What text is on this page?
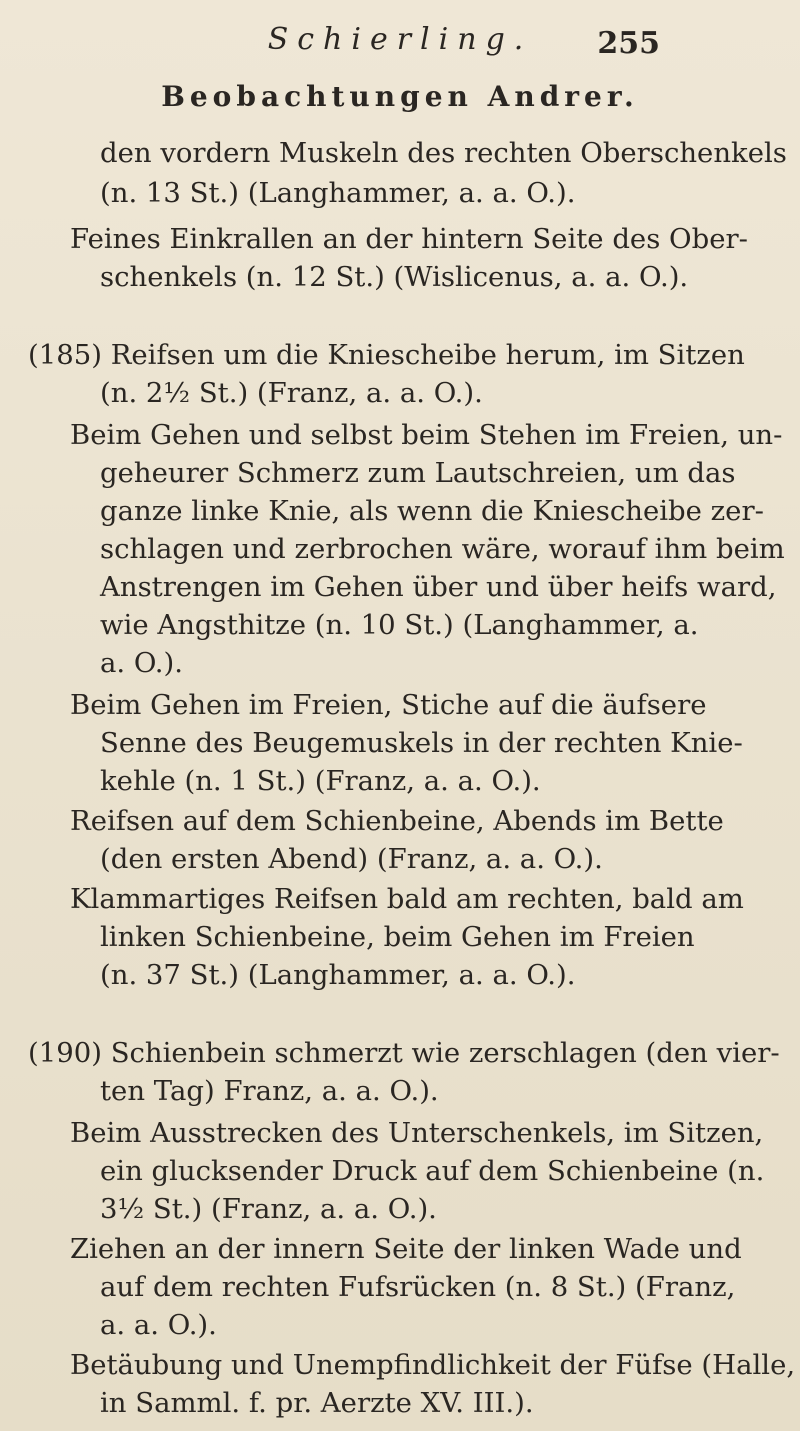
Schierling.	255
Beobachtungen Andrer.
den vordern Muskeln des rechten Oberschenkels
(n. 13 St.) (Langhammer, a. a. O.).
Feines Einkrallen an der hintern Seite des Ober-
schenkels (n. 12 St.) (Wislicenus, a. a. O.).
(185) Reifsen um die Kniescheibe herum, im Sitzen
(n. 2½ St.) (Franz, a. a. O.).
Beim Gehen und selbst beim Stehen im Freien, un-
geheurer Schmerz zum Lautschreien, um das
ganze linke Knie, als wenn die Kniescheibe zer-
schlagen und zerbrochen wäre, worauf ihm beim
Anstrengen im Gehen über und über heifs ward,
wie Angsthitze (n. 10 St.) (Langhammer, a.
a. O.).
Beim Gehen im Freien, Stiche auf die äufsere
Senne des Beugemuskels in der rechten Knie-
kehle (n. 1 St.) (Franz, a. a. O.).
Reifsen auf dem Schienbeine, Abends im Bette
(den ersten Abend) (Franz, a. a. O.).
Klammartiges Reifsen bald am rechten, bald am
linken Schienbeine, beim Gehen im Freien
(n. 37 St.) (Langhammer, a. a. O.).
(190) Schienbein schmerzt wie zerschlagen (den vier-
ten Tag) Franz, a. a. O.).
Beim Ausstrecken des Unterschenkels, im Sitzen,
ein glucksender Druck auf dem Schienbeine (n.
3½ St.) (Franz, a. a. O.).
Ziehen an der innern Seite der linken Wade und
auf dem rechten Fufsrücken (n. 8 St.) (Franz,
a. a. O.).
Betäubung und Unempfindlichkeit der Füfse (Halle,
in Samml. f. pr. Aerzte XV. III.).
